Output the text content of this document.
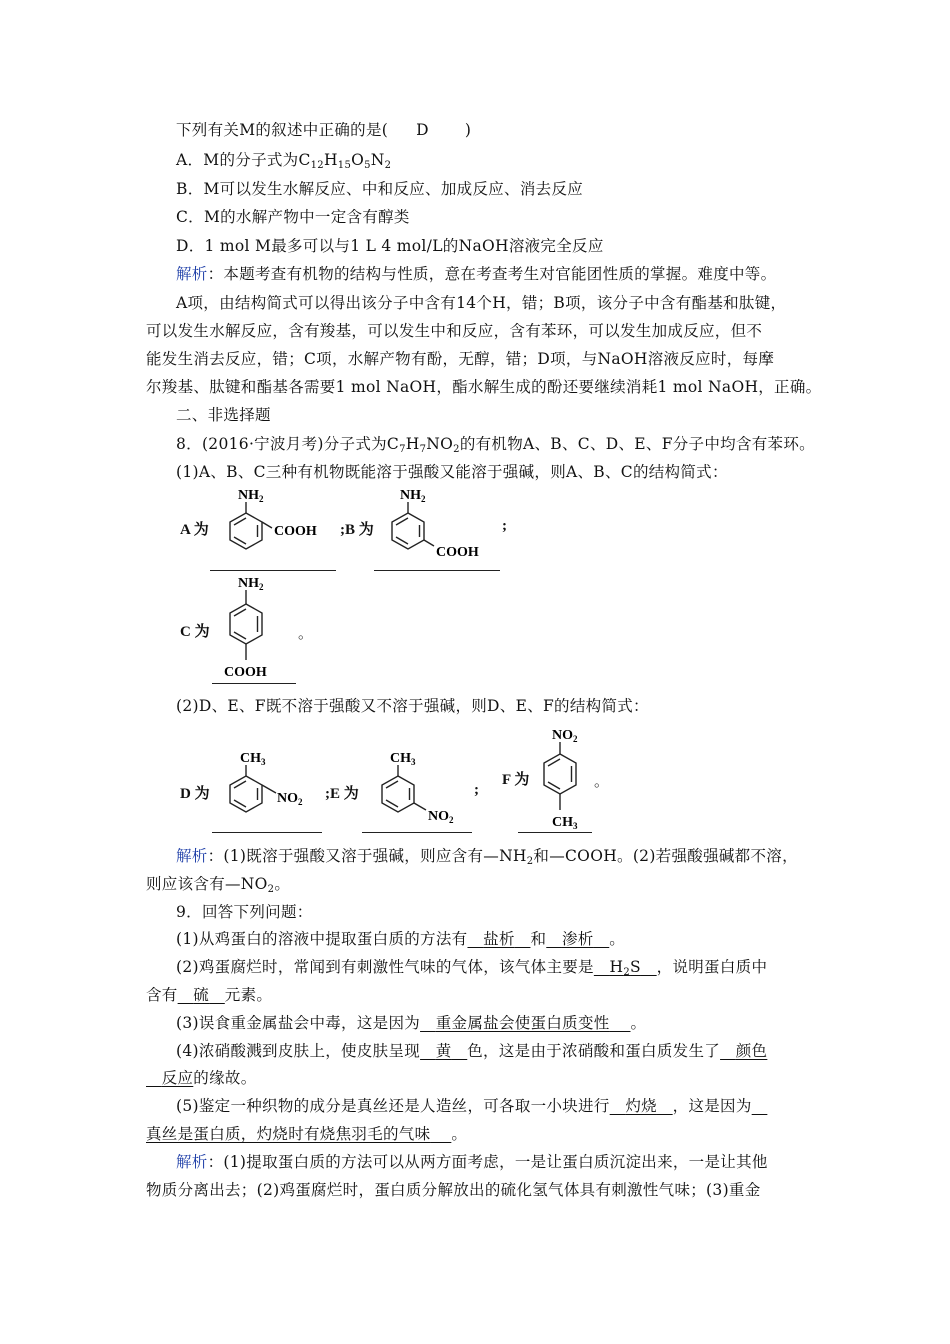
下列有关M的叙述中正确的是( D )
A．M的分子式为$C_{12}H_{15}O_5N_2$
B．M可以发生水解反应、中和反应、加成反应、消去反应
C．M的水解产物中一定含有醇类
D．1 mol M最多可以与1 L 4 mol/L的NaOH溶液完全反应
解析：本题考查有机物的结构与性质，意在考查考生对官能团性质的掌握。难度中等。
A项，由结构简式可以得出该分子中含有14个H，错；B项，该分子中含有酯基和肽键，
可以发生水解反应，含有羧基，可以发生中和反应，含有苯环，可以发生加成反应，但不
能发生消去反应，错；C项，水解产物有酚，无醇，错；D项，与NaOH溶液反应时，每摩
尔羧基、肽键和酯基各需要1 mol NaOH，酯水解生成的酚还要继续消耗1 mol NaOH，正确。
二、非选择题
8．(2016·宁波月考)分子式为$C_7H_7NO_2$的有机物A、B、C、D、E、F分子中均含有苯环。
(1)A、B、C三种有机物既能溶于强酸又能溶于强碱，则A、B、C的结构简式：
A 为
$NH_2$
COOH ;B 为
$NH_2$
COOH
;
C 为
$NH_2$
COOH
。
(2)D、E、F既不溶于强酸又不溶于强碱，则D、E、F的结构简式：
D 为
$CH_3$
$NO_2$ ;E 为
$CH_3$
$NO_2$
;
F 为
$NO_2$
$CH_3$
。
解析：(1)既溶于强酸又溶于强碱，则应含有$—NH_2$和—COOH。(2)若强酸强碱都不溶，
则应该含有$—NO_2$。
9．回答下列问题：
(1)从鸡蛋白的溶液中提取蛋白质的方法有 盐析 和 渗析 。
(2)鸡蛋腐烂时，常闻到有刺激性气味的气体，该气体主要是 $H_2S$ ，说明蛋白质中
含有 硫 元素。
(3)误食重金属盐会中毒，这是因为 重金属盐会使蛋白质变性 。
(4)浓硝酸溅到皮肤上，使皮肤呈现 黄 色，这是由于浓硝酸和蛋白质发生了 颜色
反应的缘故。
(5)鉴定一种织物的成分是真丝还是人造丝，可各取一小块进行 灼烧 ，这是因为
真丝是蛋白质，灼烧时有烧焦羽毛的气味 。
解析：(1)提取蛋白质的方法可以从两方面考虑，一是让蛋白质沉淀出来，一是让其他
物质分离出去；(2)鸡蛋腐烂时，蛋白质分解放出的硫化氢气体具有刺激性气味；(3)重金
